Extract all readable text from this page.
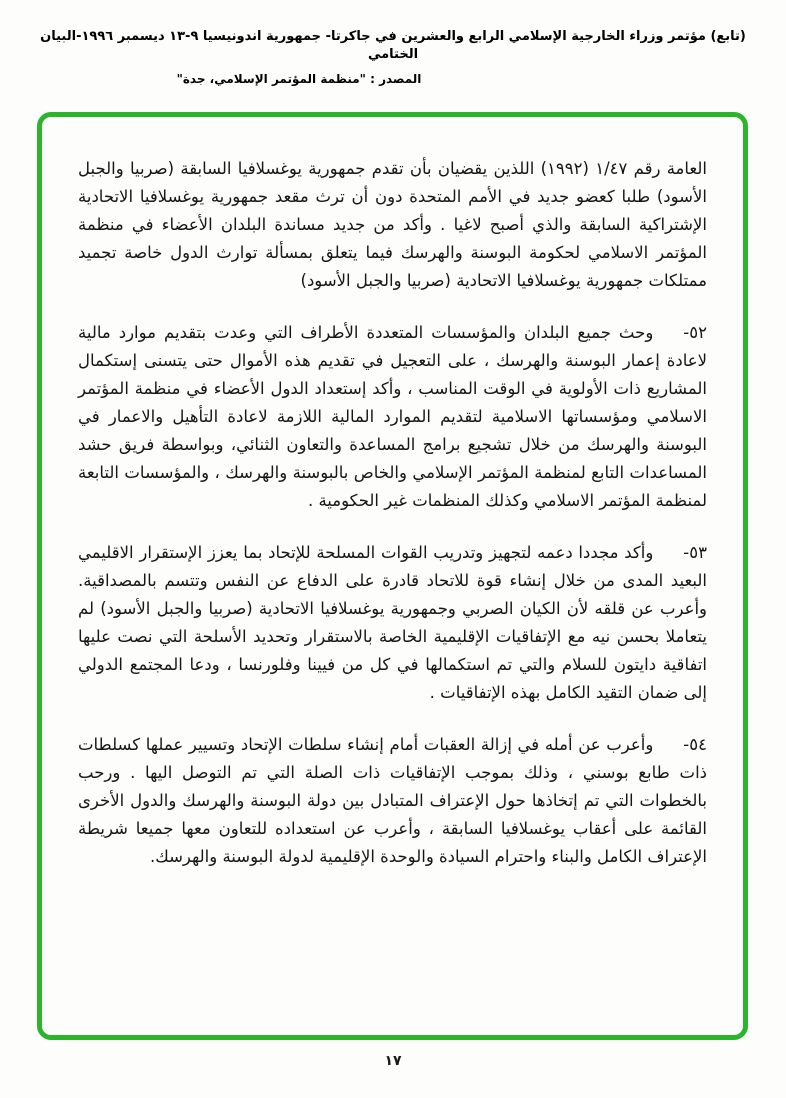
(تابع) مؤتمر وزراء الخارجية الإسلامي الرابع والعشرين في جاكرتا- جمهورية اندونيسيا ٩-١٣ ديسمبر ١٩٩٦-البيان الختامي
المصدر : "منظمة المؤتمر الإسلامي، جدة"

العامة رقم ١/٤٧ (١٩٩٢) اللذين يقضيان بأن تقدم جمهورية يوغسلافيا السابقة (صربيا والجبل الأسود) طلبا كعضو جديد في الأمم المتحدة دون أن ترث مقعد جمهورية يوغسلافيا الاتحادية الإشتراكية السابقة والذي أصبح لاغيا . وأكد من جديد مساندة البلدان الأعضاء في منظمة المؤتمر الاسلامي لحكومة البوسنة والهرسك فيما يتعلق بمسألة توارث الدول خاصة تجميد ممتلكات جمهورية يوغسلافيا الاتحادية (صربيا والجبل الأسود)

٥٢-وحث جميع البلدان والمؤسسات المتعددة الأطراف التي وعدت بتقديم موارد مالية لاعادة إعمار البوسنة والهرسك ، على التعجيل في تقديم هذه الأموال حتى يتسنى إستكمال المشاريع ذات الأولوية في الوقت المناسب ، وأكد إستعداد الدول الأعضاء في منظمة المؤتمر الاسلامي ومؤسساتها الاسلامية لتقديم الموارد المالية اللازمة لاعادة التأهيل والاعمار في البوسنة والهرسك من خلال تشجيع برامج المساعدة والتعاون الثنائي، وبواسطة فريق حشد المساعدات التابع لمنظمة المؤتمر الإسلامي والخاص بالبوسنة والهرسك ، والمؤسسات التابعة لمنظمة المؤتمر الاسلامي وكذلك المنظمات غير الحكومية .

٥٣-وأكد مجددا دعمه لتجهيز وتدريب القوات المسلحة للإتحاد بما يعزز الإستقرار الاقليمي البعيد المدى من خلال إنشاء قوة للاتحاد قادرة على الدفاع عن النفس وتتسم بالمصداقية. وأعرب عن قلقه لأن الكيان الصربي وجمهورية يوغسلافيا الاتحادية (صربيا والجبل الأسود) لم يتعاملا بحسن نيه مع الإتفاقيات الإقليمية الخاصة بالاستقرار وتحديد الأسلحة التي نصت عليها اتفاقية دايتون للسلام والتي تم استكمالها في كل من فيينا وفلورنسا ، ودعا المجتمع الدولي إلى ضمان التقيد الكامل بهذه الإتفاقيات .

٥٤-وأعرب عن أمله في إزالة العقبات أمام إنشاء سلطات الإتحاد وتسيير عملها كسلطات ذات طابع بوسني ، وذلك بموجب الإتفاقيات ذات الصلة التي تم التوصل اليها . ورحب بالخطوات التي تم إتخاذها حول الإعتراف المتبادل بين دولة البوسنة والهرسك والدول الأخرى القائمة على أعقاب يوغسلافيا السابقة ، وأعرب عن استعداده للتعاون معها جميعا شريطة الإعتراف الكامل والبناء واحترام السيادة والوحدة الإقليمية لدولة البوسنة والهرسك.

١٧
